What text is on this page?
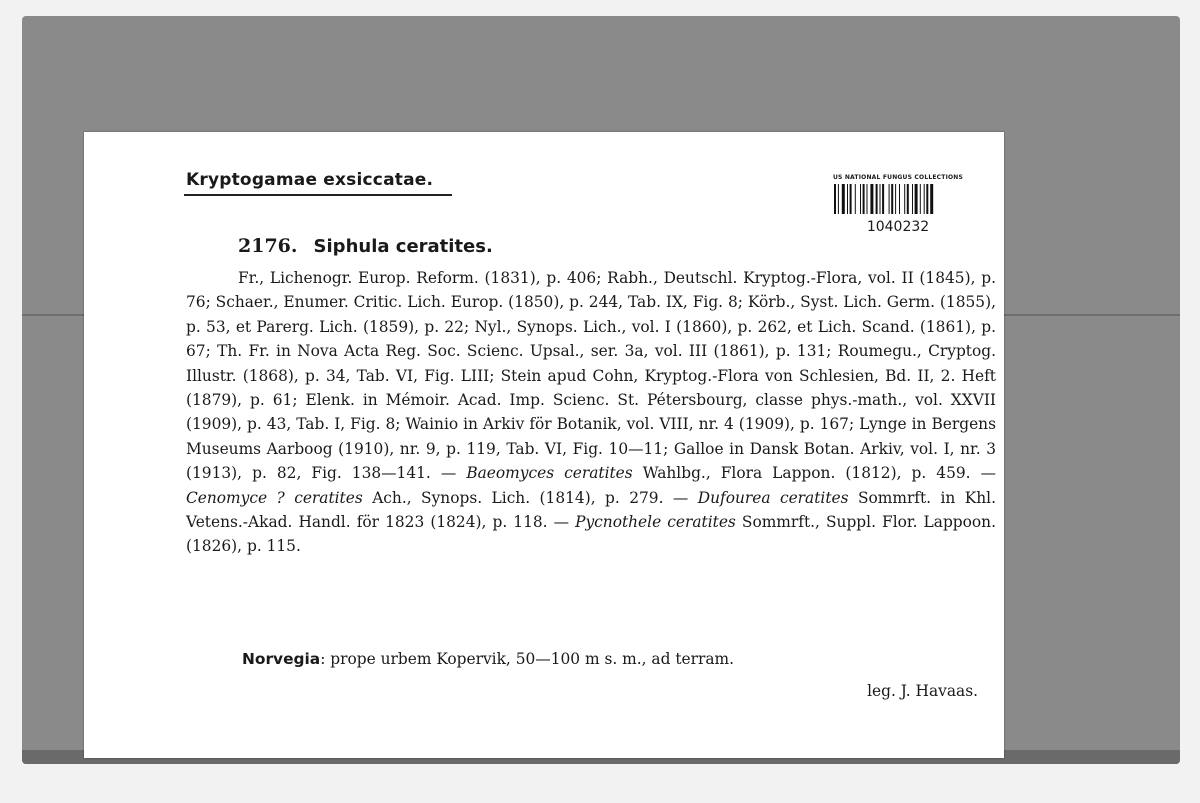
Kryptogamae exsiccatae.	US NATIONAL FUNGUS COLLECTIONS
1040232
2176. Siphula ceratites.
Fr., Lichenogr. Europ. Reform. (1831), p. 406; Rabh., Deutschl. Kryptog.-Flora, vol. II (1845), p. 76; Schaer., Enumer. Critic. Lich. Europ. (1850), p. 244, Tab. IX, Fig. 8; Körb., Syst. Lich. Germ. (1855), p. 53, et Parerg. Lich. (1859), p. 22; Nyl., Synops. Lich., vol. I (1860), p. 262, et Lich. Scand. (1861), p. 67; Th. Fr. in Nova Acta Reg. Soc. Scienc. Upsal., ser. 3a, vol. III (1861), p. 131; Roumegu., Cryptog. Illustr. (1868), p. 34, Tab. VI, Fig. LIII; Stein apud Cohn, Kryptog.-Flora von Schlesien, Bd. II, 2. Heft (1879), p. 61; Elenk. in Mémoir. Acad. Imp. Scienc. St. Pétersbourg, classe phys.-math., vol. XXVII (1909), p. 43, Tab. I, Fig. 8; Wainio in Arkiv för Botanik, vol. VIII, nr. 4 (1909), p. 167; Lynge in Bergens Museums Aarboog (1910), nr. 9, p. 119, Tab. VI, Fig. 10—11; Galloe in Dansk Botan. Arkiv, vol. I, nr. 3 (1913), p. 82, Fig. 138—141. — Baeomyces ceratites Wahlbg., Flora Lappon. (1812), p. 459. — Cenomyce ? ceratites Ach., Synops. Lich. (1814), p. 279. — Dufourea ceratites Sommrft. in Khl. Vetens.-Akad. Handl. för 1823 (1824), p. 118. — Pycnothele ceratites Sommrft., Suppl. Flor. Lappoon. (1826), p. 115.
Norvegia: prope urbem Kopervik, 50—100 m s. m., ad terram.
leg. J. Havaas.
